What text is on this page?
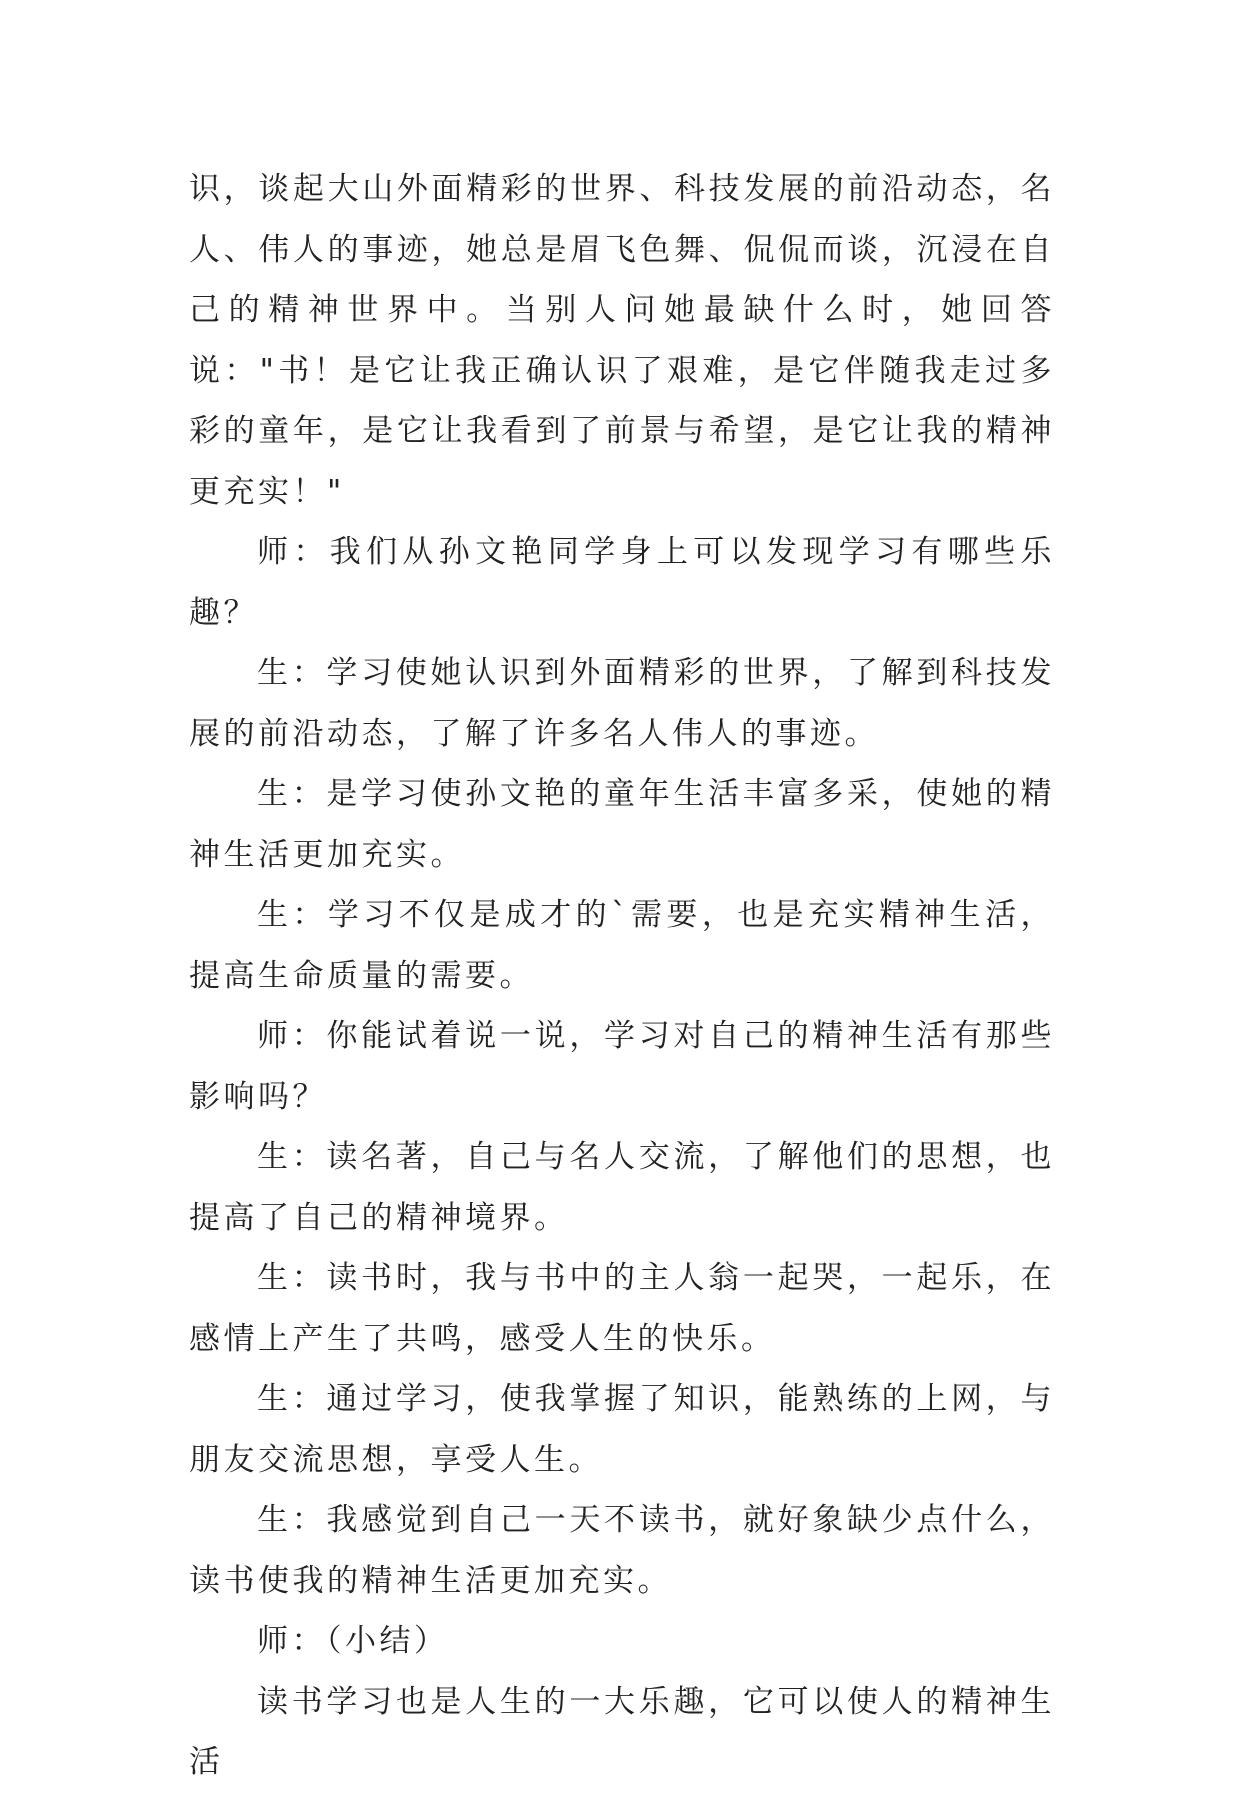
识，谈起大山外面精彩的世界、科技发展的前沿动态，名人、伟人的事迹，她总是眉飞色舞、侃侃而谈，沉浸在自己的精神世界中。当别人问她最缺什么时，她回答说："书！是它让我正确认识了艰难，是它伴随我走过多彩的童年，是它让我看到了前景与希望，是它让我的精神更充实！"

师：我们从孙文艳同学身上可以发现学习有哪些乐趣？

生：学习使她认识到外面精彩的世界，了解到科技发展的前沿动态，了解了许多名人伟人的事迹。

生：是学习使孙文艳的童年生活丰富多采，使她的精神生活更加充实。

生：学习不仅是成才的`需要，也是充实精神生活，提高生命质量的需要。

师：你能试着说一说，学习对自己的精神生活有那些影响吗？

生：读名著，自己与名人交流，了解他们的思想，也提高了自己的精神境界。

生：读书时，我与书中的主人翁一起哭，一起乐，在感情上产生了共鸣，感受人生的快乐。

生：通过学习，使我掌握了知识，能熟练的上网，与朋友交流思想，享受人生。

生：我感觉到自己一天不读书，就好象缺少点什么，读书使我的精神生活更加充实。

师：（小结）

读书学习也是人生的一大乐趣，它可以使人的精神生活
